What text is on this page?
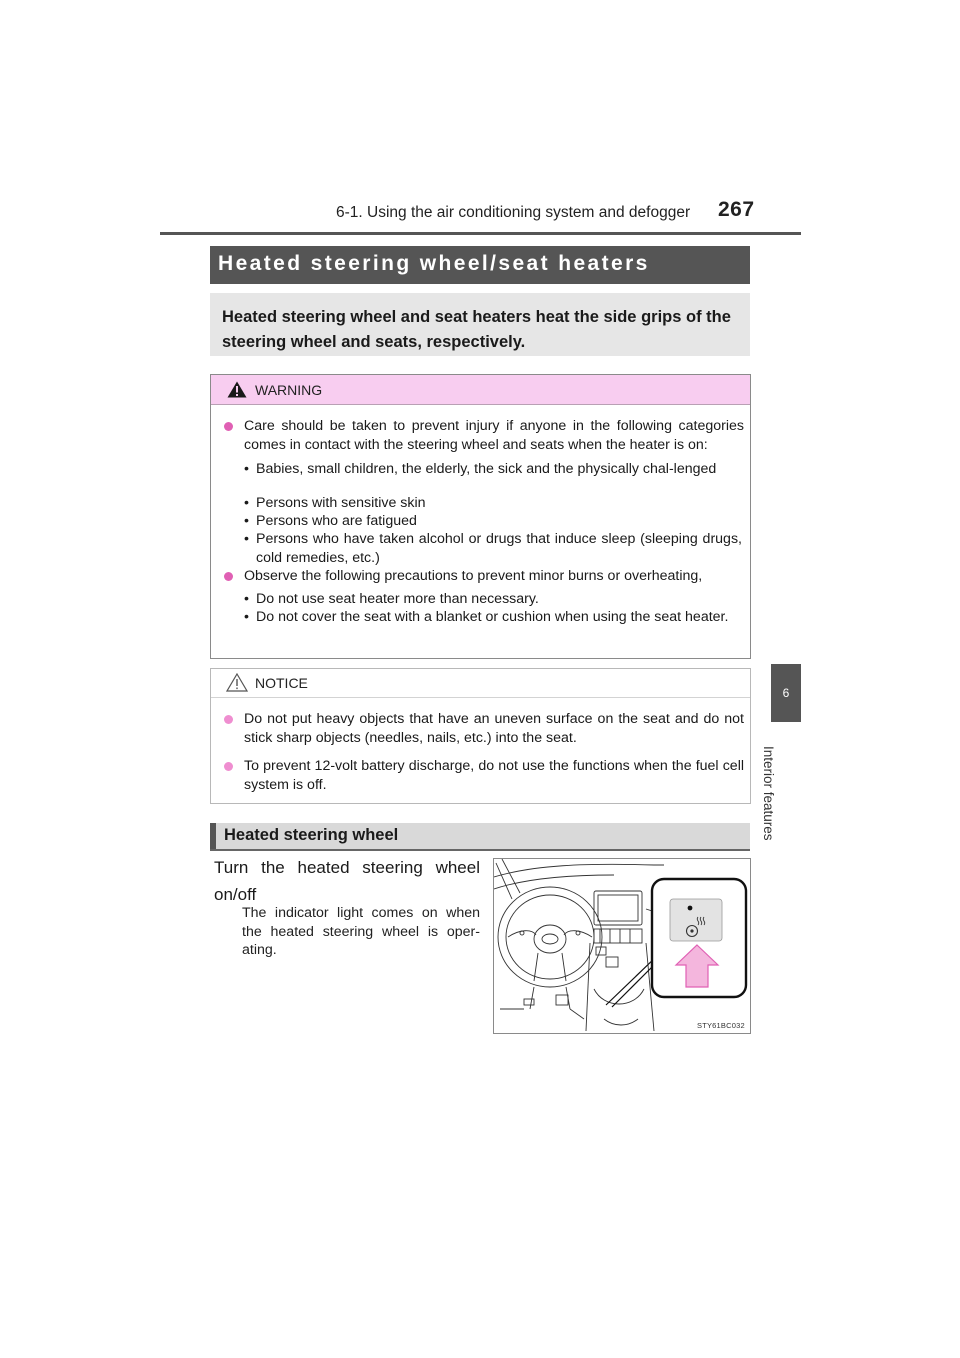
6-1. Using the air conditioning system and defogger 267
6
Interior features
Heated steering wheel/seat heaters
Heated steering wheel and seat heaters heat the side grips of the steering wheel and seats, respectively.
WARNING
Care should be taken to prevent injury if anyone in the following categories comes in contact with the steering wheel and seats when the heater is on:
• Babies, small children, the elderly, the sick and the physically chal-lenged
• Persons with sensitive skin
• Persons who are fatigued
• Persons who have taken alcohol or drugs that induce sleep (sleeping drugs, cold remedies, etc.)
Observe the following precautions to prevent minor burns or overheating,
• Do not use seat heater more than necessary.
• Do not cover the seat with a blanket or cushion when using the seat heater.
NOTICE
Do not put heavy objects that have an uneven surface on the seat and do not stick sharp objects (needles, nails, etc.) into the seat.
To prevent 12-volt battery discharge, do not use the functions when the fuel cell system is off.
Heated steering wheel
Turn the heated steering wheel on/off
The indicator light comes on when the heated steering wheel is oper-ating.
STY61BC032
